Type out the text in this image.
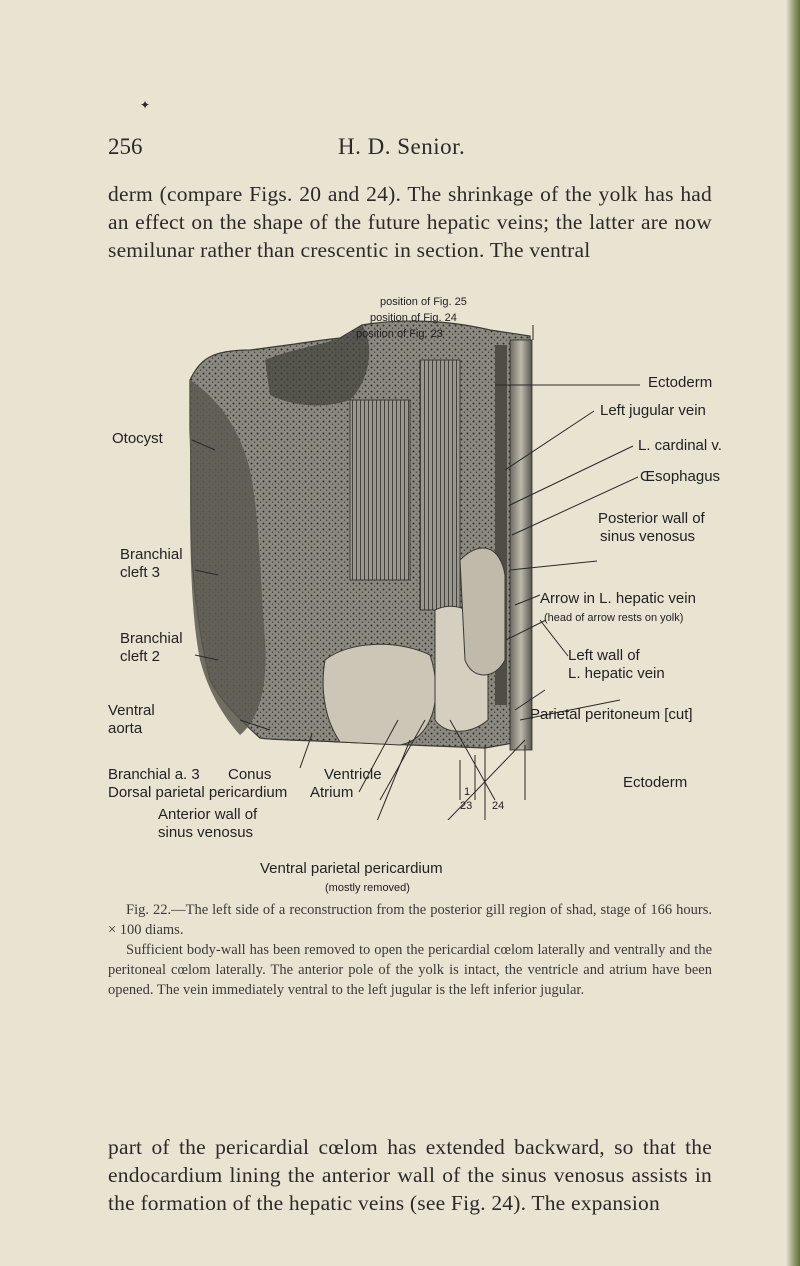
✦
256	H. D. Senior.
derm (compare Figs. 20 and 24). The shrinkage of the yolk has had an effect on the shape of the future hepatic veins; the latter are now semilunar rather than crescentic in section. The ventral
position of Fig. 25
position of Fig. 24
position of Fig. 23
Ectoderm
Left jugular vein
L. cardinal v.
Œsophagus
Posterior wall of
sinus venosus
Arrow in L. hepatic vein
(head of arrow rests on yolk)
Left wall of
L. hepatic vein
Parietal peritoneum [cut]
Ectoderm
Otocyst
Branchial
cleft 3
Branchial
cleft 2
Ventral
aorta
Branchial a. 3 Conus	Ventricle
Dorsal parietal pericardium Atrium
Anterior wall of
1
23 24
sinus venosus
Ventral parietal pericardium
(mostly removed)

Fig. 22.—The left side of a reconstruction from the posterior gill region of shad, stage of 166 hours. × 100 diams.

Sufficient body-wall has been removed to open the pericardial cœlom laterally and ventrally and the peritoneal cœlom laterally. The anterior pole of the yolk is intact, the ventricle and atrium have been opened. The vein immediately ventral to the left jugular is the left inferior jugular.

part of the pericardial cœlom has extended backward, so that the endocardium lining the anterior wall of the sinus venosus assists in the formation of the hepatic veins (see Fig. 24). The expansion
